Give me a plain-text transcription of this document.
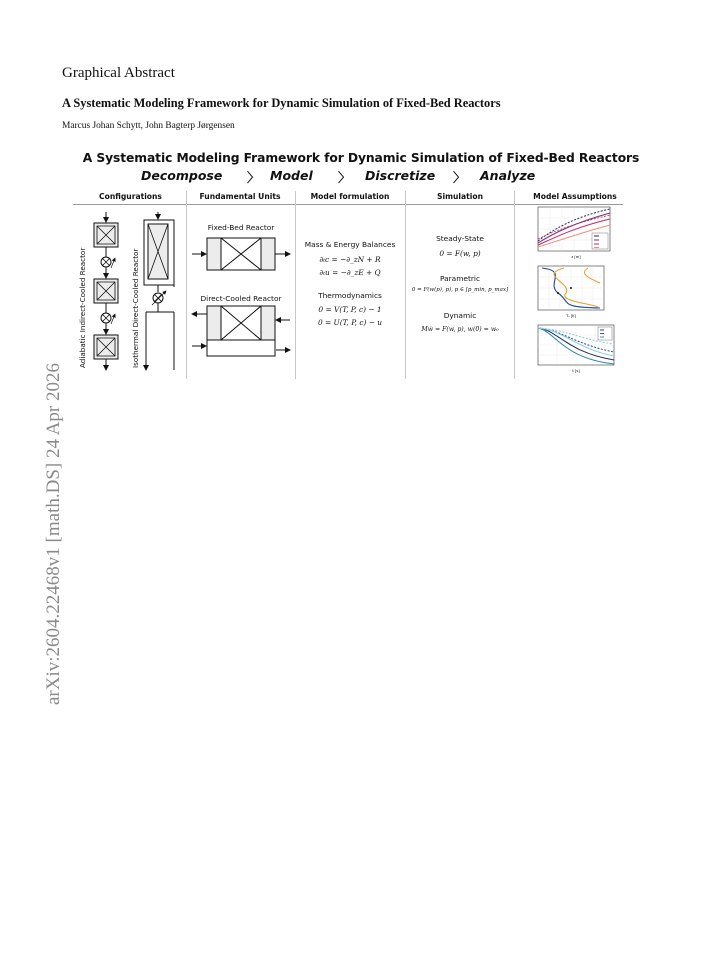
arXiv:2604.22468v1 [math.DS] 24 Apr 2026
Graphical Abstract
A Systematic Modeling Framework for Dynamic Simulation of Fixed-Bed Reactors
Marcus Johan Schytt, John Bagterp Jørgensen
A Systematic Modeling Framework for Dynamic Simulation of Fixed-Bed Reactors
Decompose 〉 Model 〉 Discretize 〉 Analyze
Configurations	Fundamental Units	Model formulation	Simulation	Model Assumptions
Adiabatic Indirect-Cooled Reactor	Isothermal Direct-Cooled Reactor
Fixed-Bed Reactor
Direct-Cooled Reactor
Mass & Energy Balances
∂ₜc = −∂_zN + R
∂ₜu = −∂_zE + Q
Thermodynamics
0 = V(T, P, c) − 1
0 = U(T, P, c) − u
Steady-State
0 = F(w, p)
Parametric
0 = F(w(p), p), p ∈ [p_min, p_max]
Dynamic
Mẇ = F(w, p), w(0) = w₀
z [m]
Tₛ [K]
t [s]
